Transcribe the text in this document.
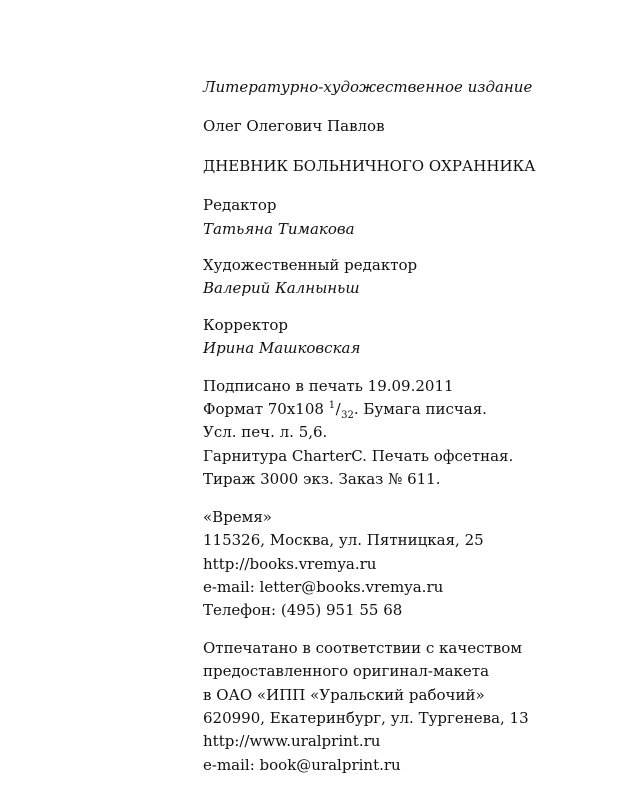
Литературно-художественное издание
Олег Олегович Павлов
ДНЕВНИК БОЛЬНИЧНОГО ОХРАННИКА
Редактор
Татьяна Тимакова
Художественный редактор
Валерий Калныньш
Корректор
Ирина Машковская
Подписано в печать 19.09.2011
Формат 70x108 $^1/_{32}$. Бумага писчая.
Усл. печ. л. 5,6.
Гарнитура CharterC. Печать офсетная.
Тираж 3000 экз. Заказ № 611.
«Время»
115326, Москва, ул. Пятницкая, 25
http://books.vremya.ru
e-mail: letter@books.vremya.ru
Телефон: (495) 951 55 68
Отпечатано в соответствии с качеством
предоставленного оригинал-макета
в ОАО «ИПП «Уральский рабочий»
620990, Екатеринбург, ул. Тургенева, 13
http://www.uralprint.ru
e-mail: book@uralprint.ru
